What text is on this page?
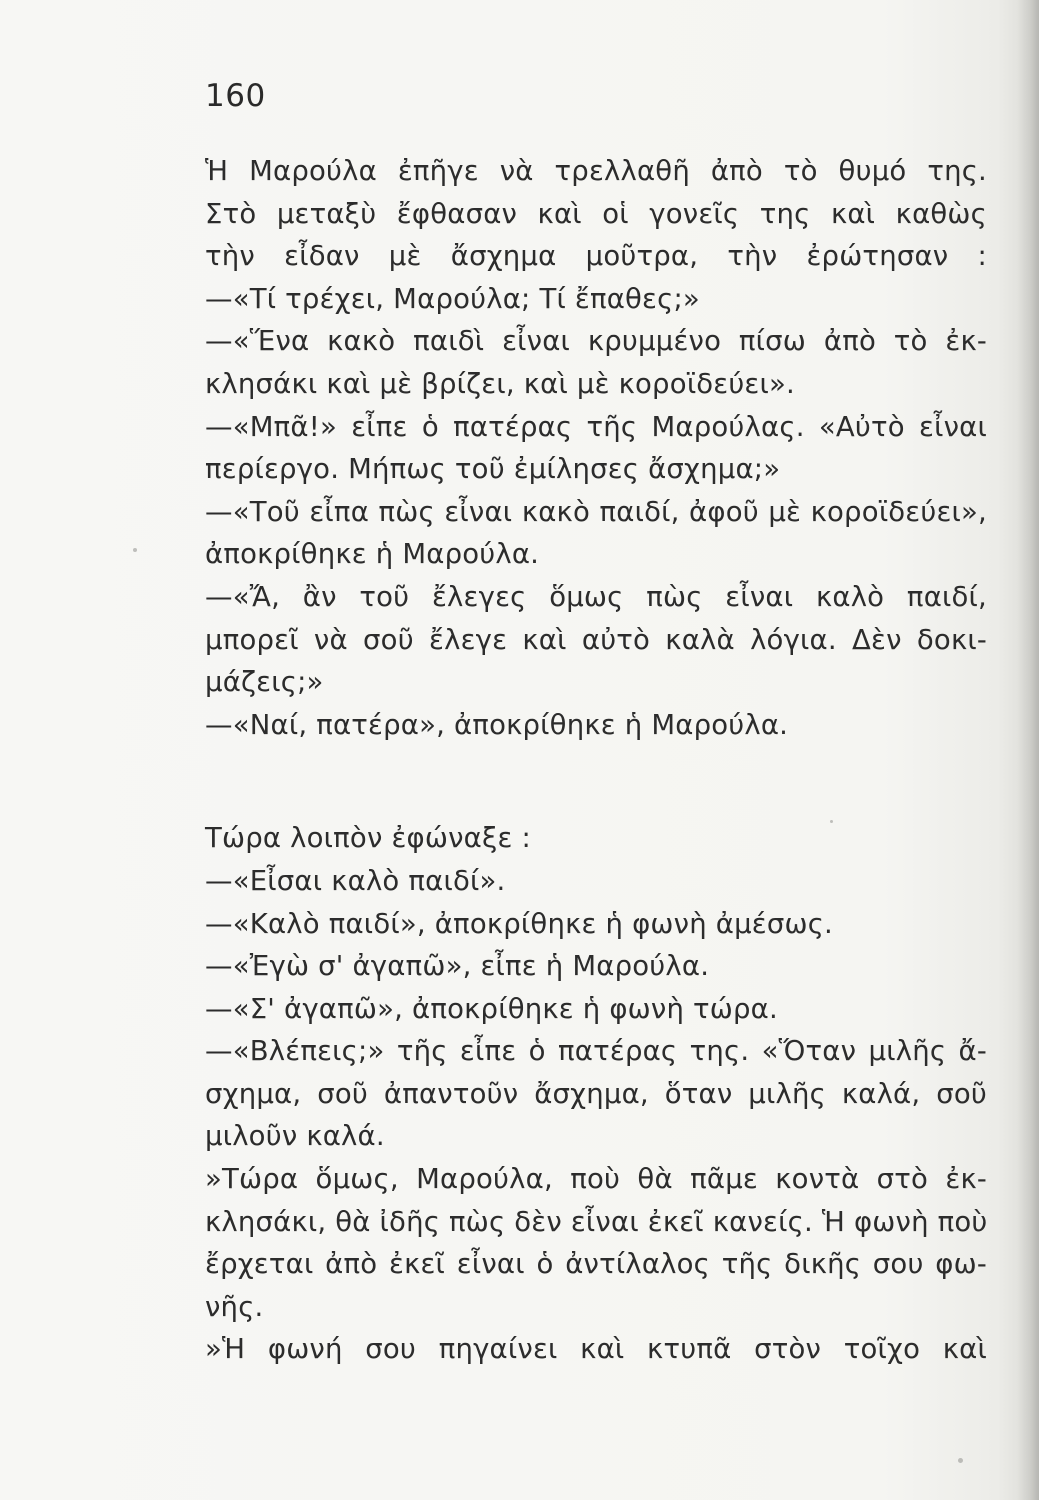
160
Ἡ Μαρούλα ἐπῆγε νὰ τρελλαθῆ ἀπὸ τὸ θυμό της.
Στὸ μεταξὺ ἔφθασαν καὶ οἱ γονεῖς της καὶ καθὼς
τὴν εἶδαν μὲ ἄσχημα μοῦτρα, τὴν ἐρώτησαν :
—«Τί τρέχει, Μαρούλα; Τί ἔπαθες;»
—«Ἕνα κακὸ παιδὶ εἶναι κρυμμένο πίσω ἀπὸ τὸ ἐκ-
κλησάκι καὶ μὲ βρίζει, καὶ μὲ κοροϊδεύει».
—«Μπᾶ!» εἶπε ὁ πατέρας τῆς Μαρούλας. «Αὐτὸ εἶναι
περίεργο. Μήπως τοῦ ἐμίλησες ἄσχημα;»
—«Τοῦ εἶπα πὼς εἶναι κακὸ παιδί, ἀφοῦ μὲ κοροϊδεύει»,
ἀποκρίθηκε ἡ Μαρούλα.
—«Ἄ, ἂν τοῦ ἔλεγες ὅμως πὼς εἶναι καλὸ παιδί,
μπορεῖ νὰ σοῦ ἔλεγε καὶ αὐτὸ καλὰ λόγια. Δὲν δοκι-
μάζεις;»
—«Ναί, πατέρα», ἀποκρίθηκε ἡ Μαρούλα.
Τώρα λοιπὸν ἐφώναξε :
—«Εἶσαι καλὸ παιδί».
—«Καλὸ παιδί», ἀποκρίθηκε ἡ φωνὴ ἀμέσως.
—«Ἐγὼ σ' ἀγαπῶ», εἶπε ἡ Μαρούλα.
—«Σ' ἀγαπῶ», ἀποκρίθηκε ἡ φωνὴ τώρα.
—«Βλέπεις;» τῆς εἶπε ὁ πατέρας της. «Ὅταν μιλῆς ἄ-
σχημα, σοῦ ἀπαντοῦν ἄσχημα, ὅταν μιλῆς καλά, σοῦ
μιλοῦν καλά.
»Τώρα ὅμως, Μαρούλα, ποὺ θὰ πᾶμε κοντὰ στὸ ἐκ-
κλησάκι, θὰ ἰδῆς πὼς δὲν εἶναι ἐκεῖ κανείς. Ἡ φωνὴ ποὺ
ἔρχεται ἀπὸ ἐκεῖ εἶναι ὁ ἀντίλαλος τῆς δικῆς σου φω-
νῆς.
»Ἡ φωνή σου πηγαίνει καὶ κτυπᾶ στὸν τοῖχο καὶ
